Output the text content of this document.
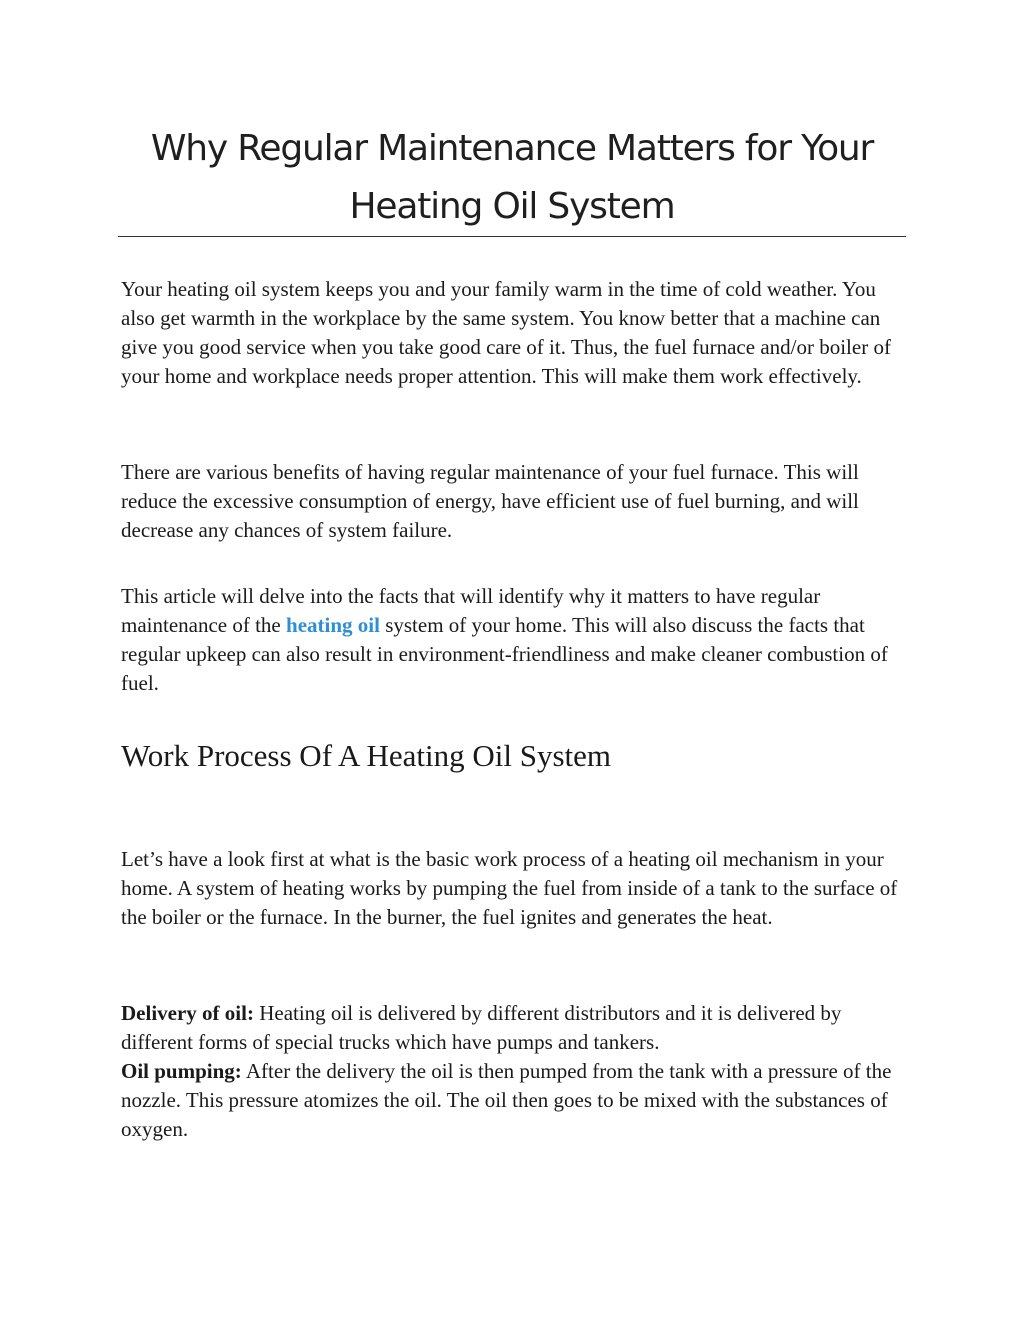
Why Regular Maintenance Matters for Your Heating Oil System

Your heating oil system keeps you and your family warm in the time of cold weather. You also get warmth in the workplace by the same system. You know better that a machine can give you good service when you take good care of it. Thus, the fuel furnace and/or boiler of your home and workplace needs proper attention. This will make them work effectively.

There are various benefits of having regular maintenance of your fuel furnace. This will reduce the excessive consumption of energy, have efficient use of fuel burning, and will decrease any chances of system failure.

This article will delve into the facts that will identify why it matters to have regular maintenance of the heating oil system of your home. This will also discuss the facts that regular upkeep can also result in environment-friendliness and make cleaner combustion of fuel.

Work Process Of A Heating Oil System

Let’s have a look first at what is the basic work process of a heating oil mechanism in your home. A system of heating works by pumping the fuel from inside of a tank to the surface of the boiler or the furnace. In the burner, the fuel ignites and generates the heat.

Delivery of oil: Heating oil is delivered by different distributors and it is delivered by different forms of special trucks which have pumps and tankers.
Oil pumping: After the delivery the oil is then pumped from the tank with a pressure of the nozzle. This pressure atomizes the oil. The oil then goes to be mixed with the substances of oxygen.
